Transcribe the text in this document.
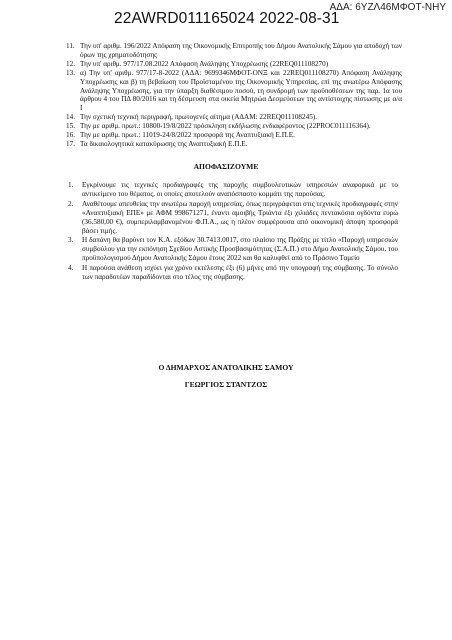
ΑΔΑ: 6ΥΖΛ46ΜΦΟΤ-ΝΗΥ
22AWRD011165024 2022-08-31
11. Την υπ' αριθμ. 196/2022 Απόφαση της Οικονομικής Επιτροπής του Δήμου Ανατολικής Σάμου για αποδοχή των όρων της χρηματοδότησης
12. Την υπ' αριθμ. 977/17.08.2022 Απόφαση Ανάληψης Υποχρέωσης (22REQ011108270)
13. α) Την υπ' αριθμ. 977/17-8-2022 (ΑΔΑ: 9699346ΜΦΟΤ-ΟΝΞ και 22REQ011108270) Απόφαση Ανάληψης Υποχρέωσης και β) τη βεβαίωση του Προϊσταμένου της Οικονομικής Υπηρεσίας, επί της ανωτέρω Απόφασης Ανάληψης Υποχρέωσης, για την ύπαρξη διαθέσιμου ποσού, τη συνδρομή των προϋποθέσεων της παρ. 1α του άρθρου 4 του ΠΔ 80/2016 και τη δέσμευση στα οικεία Μητρώα Δεσμεύσεων της αντίστοιχης πίστωσης με α/α Ι
14. Την σχετική τεχνική περιγραφή, πρωτογενές αίτημα (ΑΔΑΜ: 22REQ011108245).
15. Την με αριθμ. πρωτ.: 10800-19/8/2022 πρόσκληση εκδήλωσης ενδιαφέροντος (22PROC011116364).
16. Την με αριθμ. πρωτ.: 11019-24/8/2022 προσφορά της Αναπτυξιακή Ε.Π.Ε.
17. Τα δικαιολογητικά κατακύρωσης της Αναπτυξιακή Ε.Π.Ε.
ΑΠΟΦΑΣΙΖΟΥΜΕ
1.	Εγκρίνουμε τις τεχνικές προδιαγραφές της παροχής συμβουλευτικών υπηρεσιών αναφορικά με το αντικείμενο του θέματος, οι οποίες αποτελούν αναπόσπαστο κομμάτι της παρούσας.
2.	Αναθέτουμε απευθείας την ανωτέρω παροχή υπηρεσίας, όπως περιγράφεται στις τεχνικές προδιαγραφές στην «Αναπτυξιακή ΕΠΕ» με ΑΦΜ 998671271, έναντι αμοιβής Τριάντα έξι χιλιάδες πεντακόσια ογδόντα ευρώ (36.580,00 €), συμπεριλαμβανομένου Φ.Π.Α., ως η πλέον συμφέρουσα από οικονομική άποψη προσφορά βάσει τιμής.
3.	Η δαπάνη θα βαρύνει τον Κ.Α. εξόδων 30.7413.0017, στο πλαίσιο της Πράξης με τίτλο «Παροχή υπηρεσιών συμβούλου για την εκπόνηση Σχεδίου Αστικής Προσβασιμότητας (Σ.Α.Π.) στο Δήμο Ανατολικής Σάμου, του προϋπολογισμού Δήμου Ανατολικής Σάμου έτους 2022 και θα καλυφθεί από το Πράσινο Ταμείο
4.	Η παρούσα ανάθεση ισχύει για χρόνο εκτέλεσης έξι (6) μήνες από την υπογραφή της σύμβασης. Το σύνολο των παραδοτέων παραδίδονται στο τέλος της σύμβασης.
Ο ΔΗΜΑΡΧΟΣ ΑΝΑΤΟΛΙΚΗΣ ΣΑΜΟΥ
ΓΕΩΡΓΙΟΣ ΣΤΑΝΤΖΟΣ
